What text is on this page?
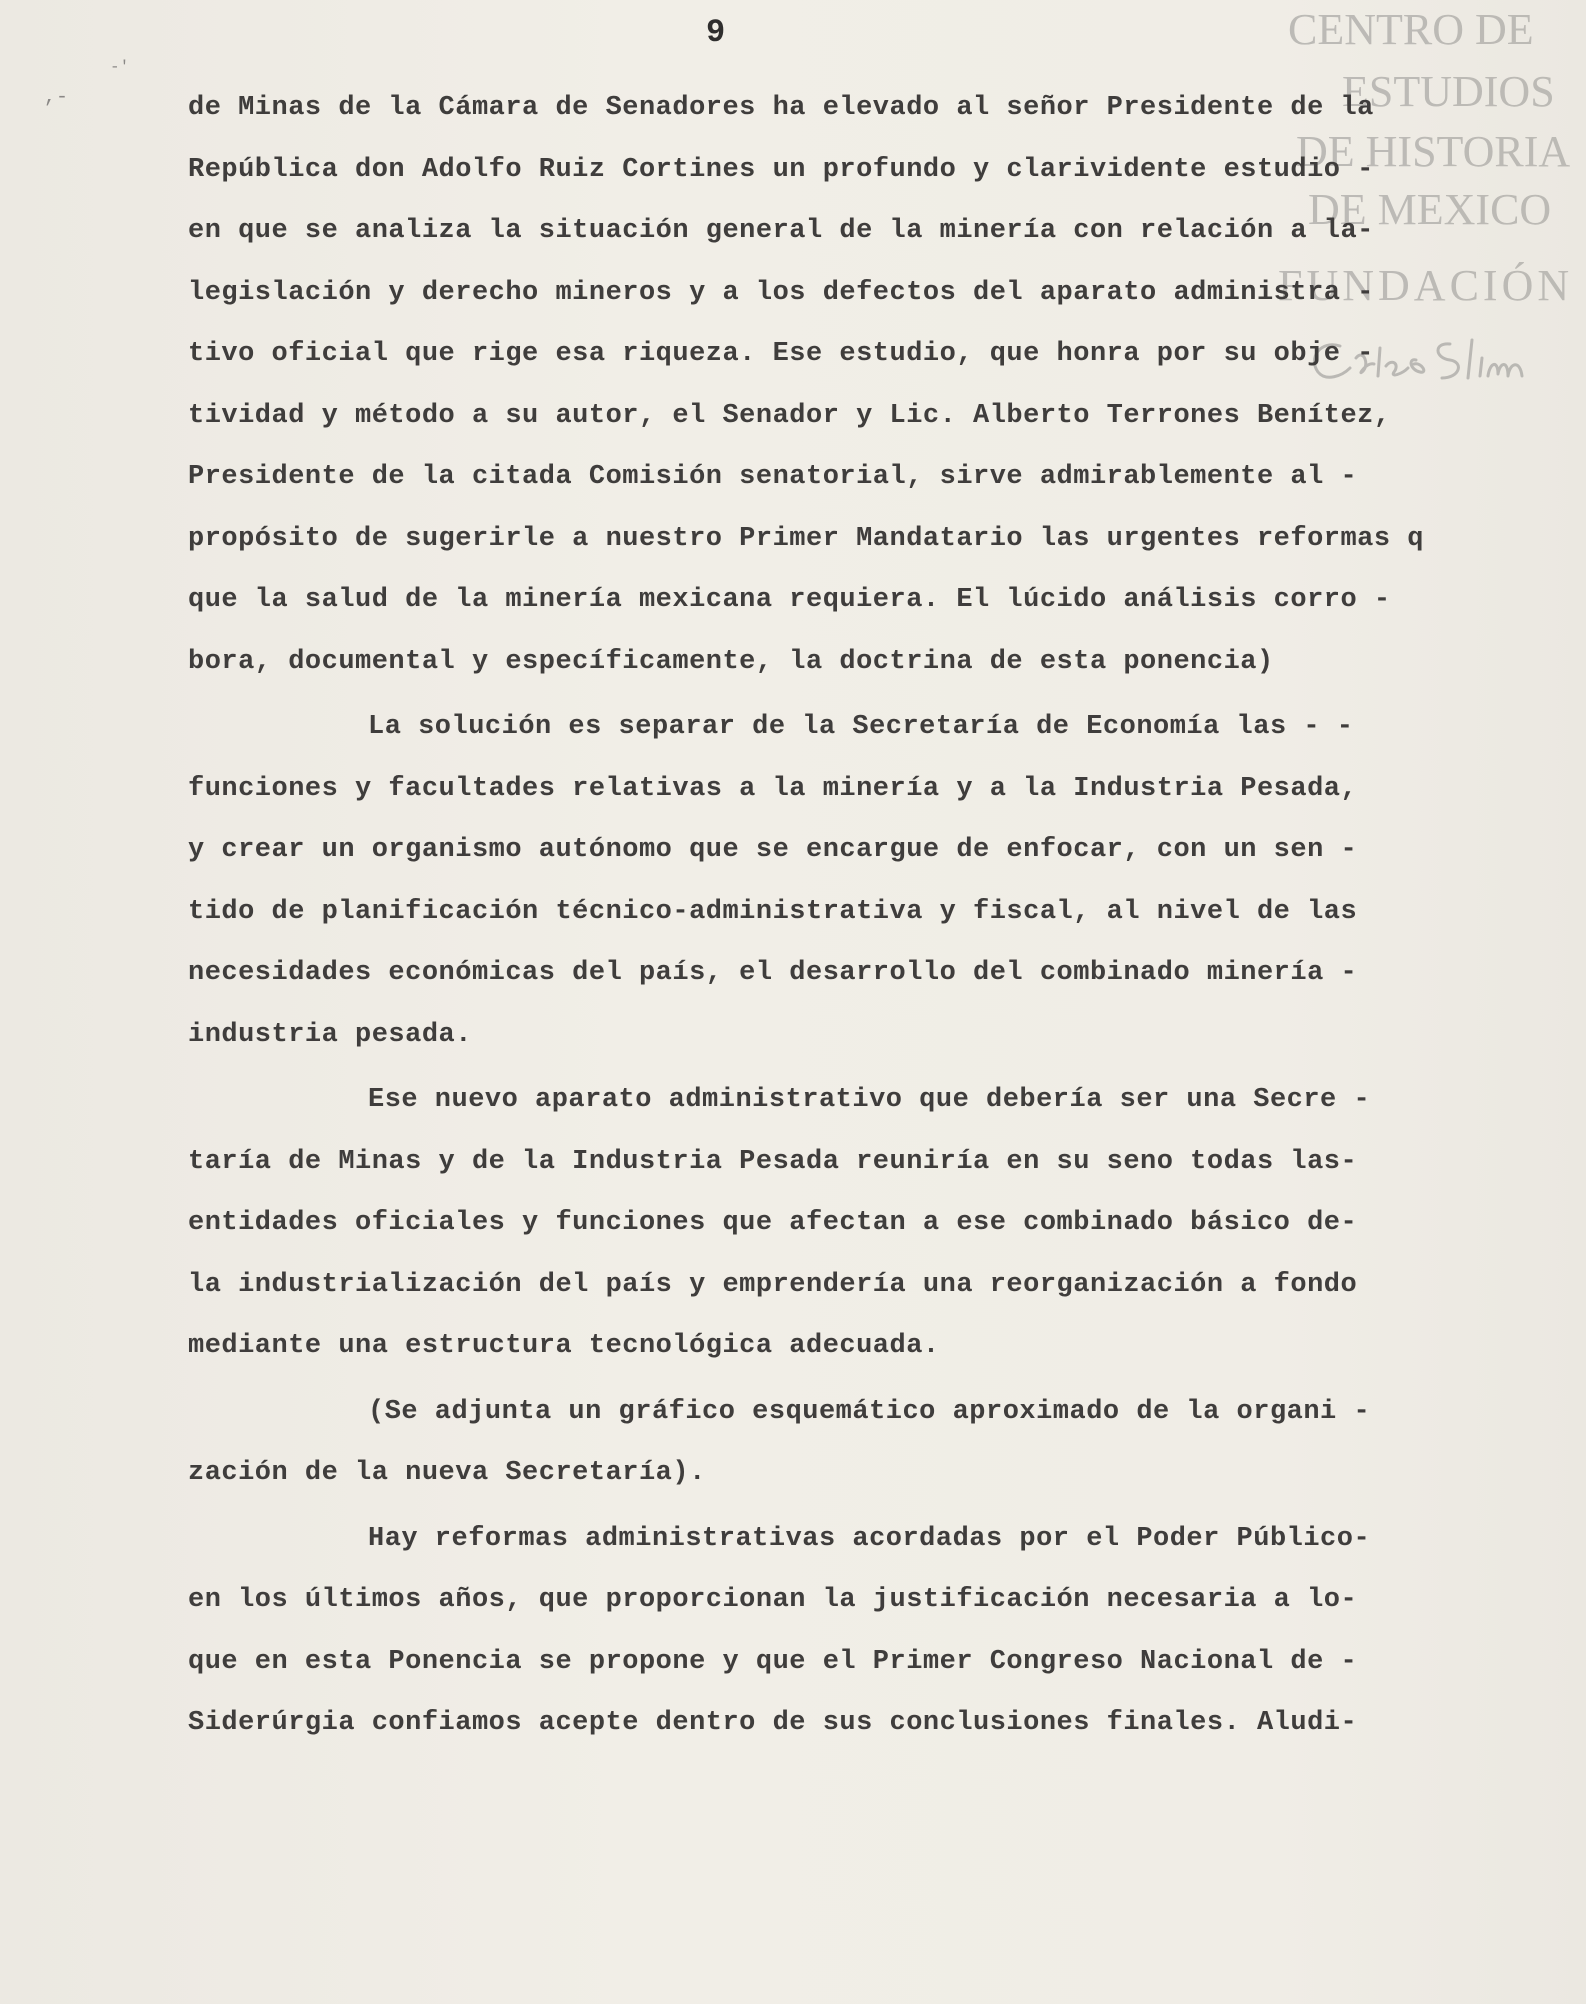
9
,-
-'
CENTRO DE
ESTUDIOS
DE HISTORIA
DE MEXICO
FUNDACIÓN
de Minas de la Cámara de Senadores ha elevado al señor Presidente de la
República don Adolfo Ruiz Cortines un profundo y clarividente estudio -
en que se analiza la situación general de la minería con relación a la-
legislación y derecho mineros y a los defectos del aparato administra -
tivo oficial que rige esa riqueza. Ese estudio, que honra por su obje -
tividad y método a su autor, el Senador y Lic. Alberto Terrones Benítez,
Presidente de la citada Comisión senatorial, sirve admirablemente al -
propósito de sugerirle a nuestro Primer Mandatario las urgentes reformas q
que la salud de la minería mexicana requiera. El lúcido análisis corro -
bora, documental y específicamente, la doctrina de esta ponencia)
La solución es separar de la Secretaría de Economía las - -
funciones y facultades relativas a la minería y a la Industria Pesada,
y crear un organismo autónomo que se encargue de enfocar, con un sen -
tido de planificación técnico-administrativa y fiscal, al nivel de las
necesidades económicas del país, el desarrollo del combinado minería -
industria pesada.
Ese nuevo aparato administrativo que debería ser una Secre -
taría de Minas y de la Industria Pesada reuniría en su seno todas las-
entidades oficiales y funciones que afectan a ese combinado básico de-
la industrialización del país y emprendería una reorganización a fondo
mediante una estructura tecnológica adecuada.
(Se adjunta un gráfico esquemático aproximado de la organi -
zación de la nueva Secretaría).
Hay reformas administrativas acordadas por el Poder Público-
en los últimos años, que proporcionan la justificación necesaria a lo-
que en esta Ponencia se propone y que el Primer Congreso Nacional de -
Siderúrgia confiamos acepte dentro de sus conclusiones finales. Aludi-
